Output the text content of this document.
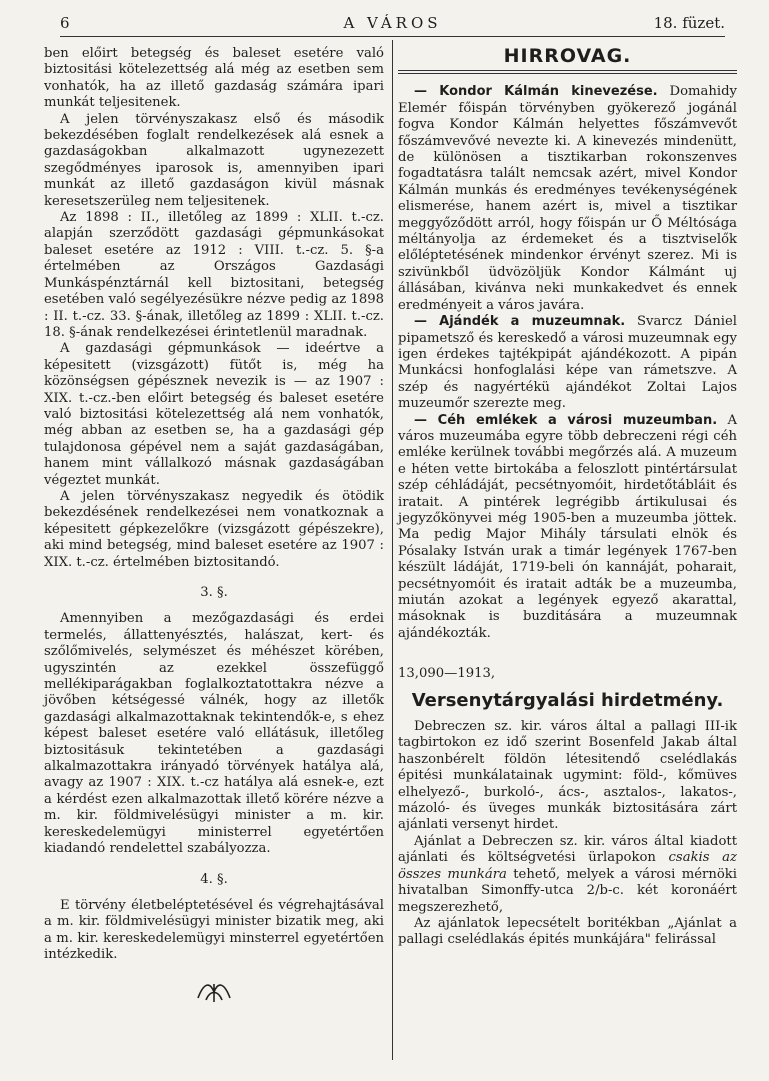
6	A VÁROS	18. füzet.

ben előirt betegség és baleset esetére való biztositási kötelezettség alá még az esetben sem vonhatók, ha az illető gazdaság számára ipari munkát teljesitenek.

A jelen törvényszakasz első és második bekezdésében foglalt rendelkezések alá esnek a gazdaságokban alkalmazott ugynezezett szegődményes iparosok is, amennyiben ipari munkát az illető gazdaságon kivül másnak keresetszerüleg nem teljesitenek.

Az 1898 : II., illetőleg az 1899 : XLII. t.-cz. alapján szerződött gazdasági gépmunkásokat baleset esetére az 1912 : VIII. t.-cz. 5. §-a értelmében az Országos Gazdasági Munkáspénztárnál kell biztositani, betegség esetében való segélyezésükre nézve pedig az 1898 : II. t.-cz. 33. §-ának, illetőleg az 1899 : XLII. t.-cz. 18. §-ának rendelkezései érintetlenül maradnak.

A gazdasági gépmunkások — ideértve a képesitett (vizsgázott) fütőt is, még ha közönségsen gépésznek nevezik is — az 1907 : XIX. t.-cz.-ben előirt betegség és baleset esetére való biztositási kötelezettség alá nem vonhatók, még abban az esetben se, ha a gazdasági gép tulajdonosa gépével nem a saját gazdaságában, hanem mint vállalkozó másnak gazdaságában végeztet munkát.

A jelen törvényszakasz negyedik és ötödik bekezdésének rendelkezései nem vonatkoznak a képesitett gépkezelőkre (vizsgázott gépészekre), aki mind betegség, mind baleset esetére az 1907 : XIX. t.-cz. értelmében biztositandó.

3. §.

Amennyiben a mezőgazdasági és erdei termelés, állattenyésztés, halászat, kert- és szőlőmivelés, selymészet és méhészet körében, ugyszintén az ezekkel összefüggő mellékiparágakban foglalkoztatottakra nézve a jövőben kétségessé válnék, hogy az illetők gazdasági alkalmazottaknak tekintendők-e, s ehez képest baleset esetére való ellátásuk, illetőleg biztositásuk tekintetében a gazdasági alkalmazottakra irányadó törvények hatálya alá, avagy az 1907 : XIX. t.-cz hatálya alá esnek-e, ezt a kérdést ezen alkalmazottak illető körére nézve a m. kir. földmivelésügyi minister a m. kir. kereskedelemügyi ministerrel egyetértően kiadandó rendelettel szabályozza.

4. §.

E törvény életbeléptetésével és végrehajtásával a m. kir. földmivelésügyi minister bizatik meg, aki a m. kir. kereskedelemügyi minsterrel egyetértően intézkedik.

HIRROVAG.

— Kondor Kálmán kinevezése. Domahidy Elemér főispán törvényben gyökerező jogánál fogva Kondor Kálmán helyettes főszámvevőt főszámvevővé nevezte ki. A kinevezés mindenütt, de különösen a tisztikarban rokonszenves fogadtatásra talált nemcsak azért, mivel Kondor Kálmán munkás és eredményes tevékenységének elismerése, hanem azért is, mivel a tisztikar meggyőződött arról, hogy főispán ur Ő Méltósága méltányolja az érdemeket és a tisztviselők előléptetésének mindenkor érvényt szerez. Mi is szivünkből üdvözöljük Kondor Kálmánt uj állásában, kivánva neki munkakedvet és ennek eredményeit a város javára.

— Ajándék a muzeumnak. Svarcz Dániel pipametsző és kereskedő a városi muzeumnak egy igen érdekes tajtékpipát ajándékozott. A pipán Munkácsi honfoglalási képe van rámetszve. A szép és nagyértékü ajándékot Zoltai Lajos muzeumőr szerezte meg.

— Céh emlékek a városi muzeumban. A város muzeumába egyre több debreczeni régi céh emléke kerülnek további megőrzés alá. A muzeum e héten vette birtokába a feloszlott pintértársulat szép céhládáját, pecsétnyomóit, hirdetőtábláit és iratait. A pintérek legrégibb ártikulusai és jegyzőkönyvei még 1905-ben a muzeumba jöttek. Ma pedig Major Mihály társulati elnök és Pósalaky István urak a timár legények 1767-ben készült ládáját, 1719-beli ón kannáját, poharait, pecsétnyomóit és iratait adták be a muzeumba, miután azokat a legények egyező akarattal, másoknak is buzditására a muzeumnak ajándékozták.

13,090—1913,

Versenytárgyalási hirdetmény.

Debreczen sz. kir. város által a pallagi III-ik tagbirtokon ez idő szerint Bosenfeld Jakab által haszonbérelt földön létesitendő cselédlakás épitési munkálatainak ugymint: föld-, kőmüves elhelyező-, burkoló-, ács-, asztalos-, lakatos-, mázoló- és üveges munkák biztositására zárt ajánlati versenyt hirdet.

Ajánlat a Debreczen sz. kir. város által kiadott ajánlati és költségvetési ürlapokon csakis az összes munkára tehető, melyek a városi mérnöki hivatalban Simonffy-utca 2/b-c. két koronáért megszerezhető,

Az ajánlatok lepecsételt boritékban „Ajánlat a pallagi cselédlakás épités munkájára" felirással
